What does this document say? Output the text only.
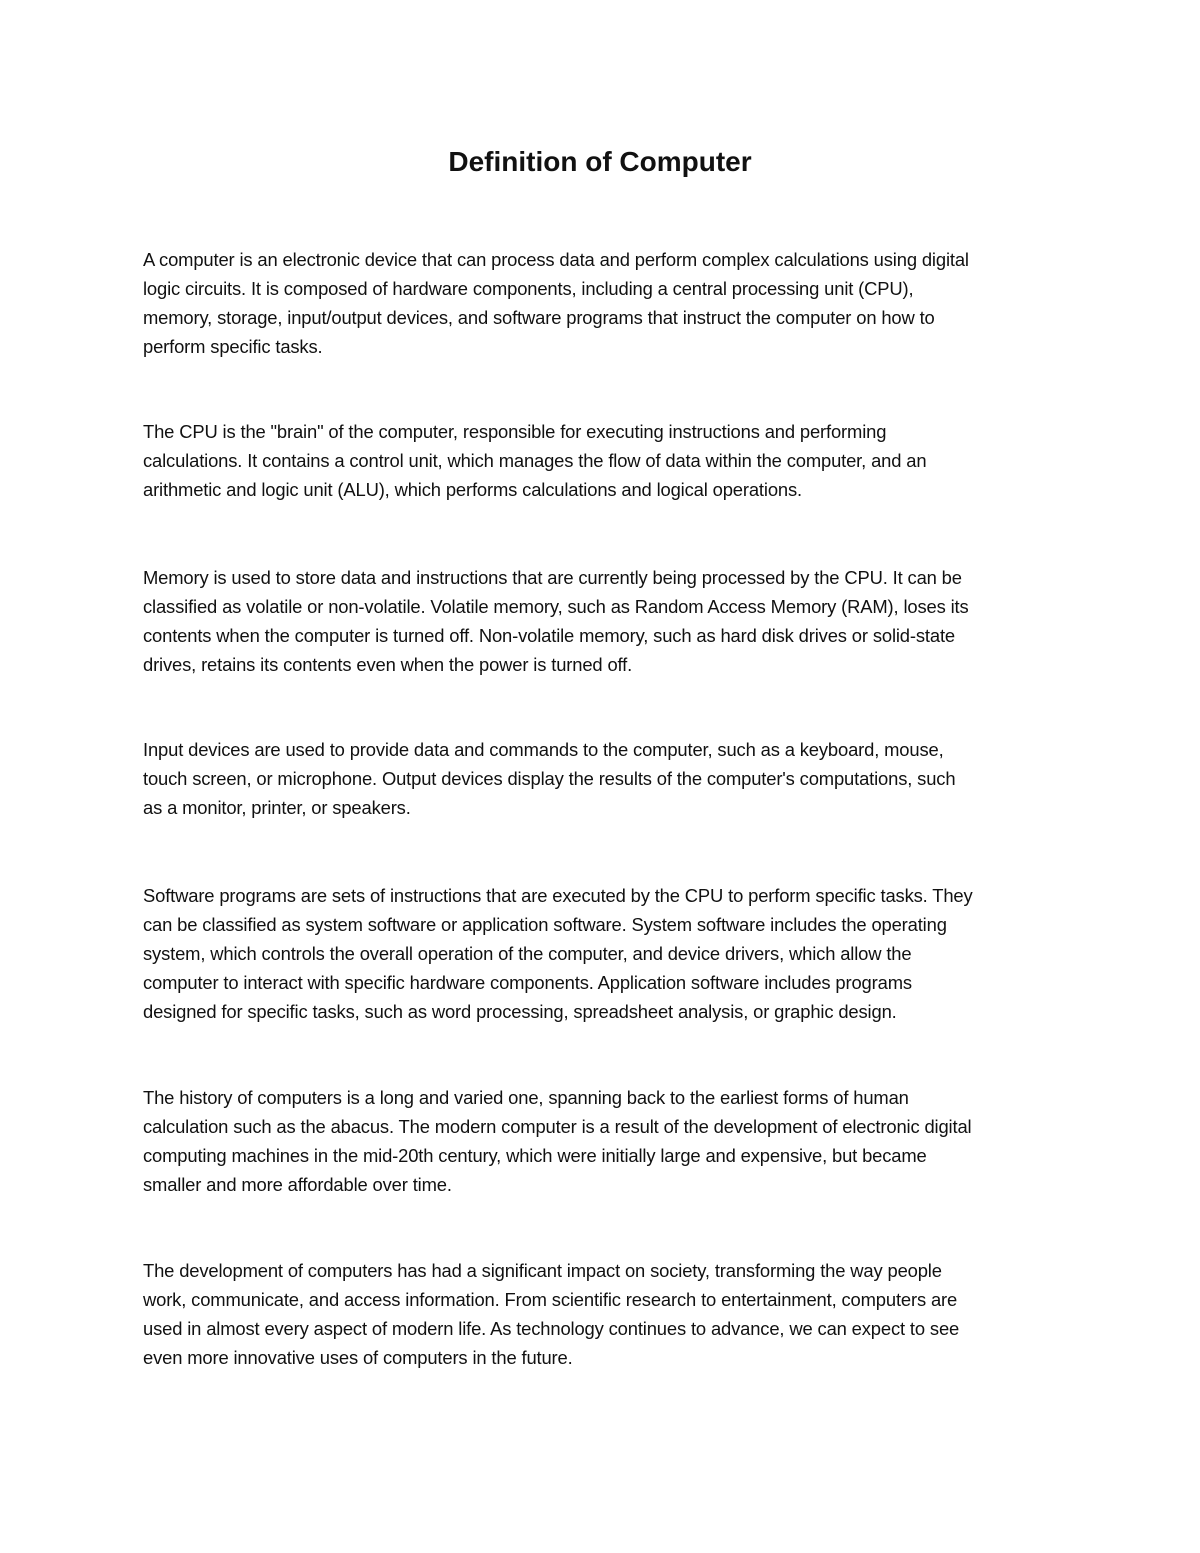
Definition of Computer
A computer is an electronic device that can process data and perform complex calculations using digital
logic circuits. It is composed of hardware components, including a central processing unit (CPU),
memory, storage, input/output devices, and software programs that instruct the computer on how to
perform specific tasks.
The CPU is the "brain" of the computer, responsible for executing instructions and performing
calculations. It contains a control unit, which manages the flow of data within the computer, and an
arithmetic and logic unit (ALU), which performs calculations and logical operations.
Memory is used to store data and instructions that are currently being processed by the CPU. It can be
classified as volatile or non-volatile. Volatile memory, such as Random Access Memory (RAM), loses its
contents when the computer is turned off. Non-volatile memory, such as hard disk drives or solid-state
drives, retains its contents even when the power is turned off.
Input devices are used to provide data and commands to the computer, such as a keyboard, mouse,
touch screen, or microphone. Output devices display the results of the computer's computations, such
as a monitor, printer, or speakers.
Software programs are sets of instructions that are executed by the CPU to perform specific tasks. They
can be classified as system software or application software. System software includes the operating
system, which controls the overall operation of the computer, and device drivers, which allow the
computer to interact with specific hardware components. Application software includes programs
designed for specific tasks, such as word processing, spreadsheet analysis, or graphic design.
The history of computers is a long and varied one, spanning back to the earliest forms of human
calculation such as the abacus. The modern computer is a result of the development of electronic digital
computing machines in the mid-20th century, which were initially large and expensive, but became
smaller and more affordable over time.
The development of computers has had a significant impact on society, transforming the way people
work, communicate, and access information. From scientific research to entertainment, computers are
used in almost every aspect of modern life. As technology continues to advance, we can expect to see
even more innovative uses of computers in the future.
